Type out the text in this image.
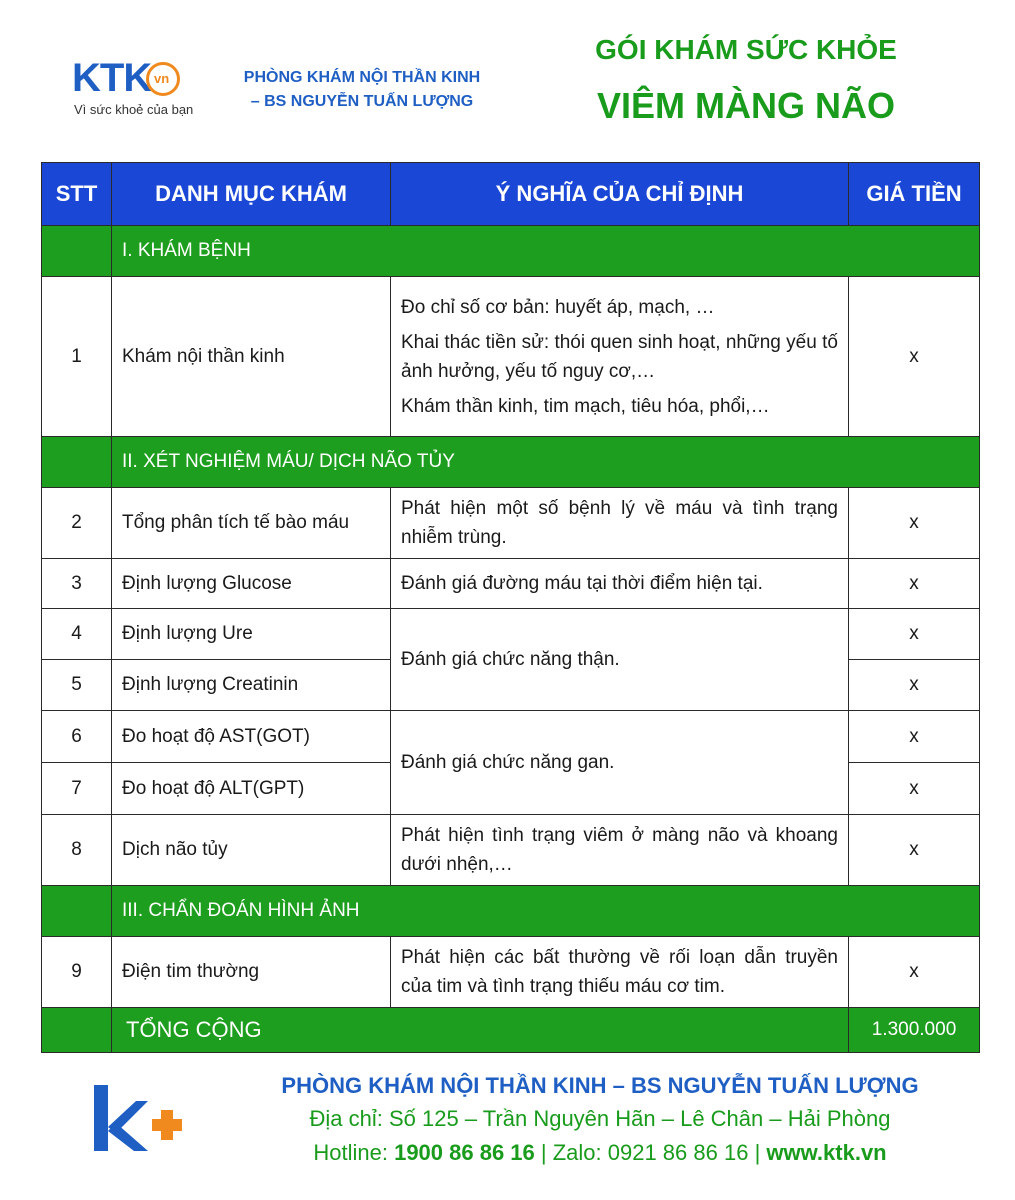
KTK vn
Vì sức khoẻ của bạn
PHÒNG KHÁM NỘI THẦN KINH
– BS NGUYỄN TUẤN LƯỢNG
GÓI KHÁM SỨC KHỎE
VIÊM MÀNG NÃO
STT	DANH MỤC KHÁM	Ý NGHĨA CỦA CHỈ ĐỊNH	GIÁ TIỀN
	I. KHÁM BỆNH		
1	Khám nội thần kinh	Đo chỉ số cơ bản: huyết áp, mạch, …

Khai thác tiền sử: thói quen sinh hoạt, những yếu tố ảnh hưởng, yếu tố nguy cơ,…

Khám thần kinh, tim mạch, tiêu hóa, phổi,…	x
	II. XÉT NGHIỆM MÁU/ DỊCH NÃO TỦY		
2	Tổng phân tích tế bào máu	Phát hiện một số bệnh lý về máu và tình trạng nhiễm trùng.	x
3	Định lượng Glucose	Đánh giá đường máu tại thời điểm hiện tại.	x
4	Định lượng Ure	Đánh giá chức năng thận.	x
5	Định lượng Creatinin		x
6	Đo hoạt độ AST(GOT)	Đánh giá chức năng gan.	x
7	Đo hoạt độ ALT(GPT)		x
8	Dịch não tủy	Phát hiện tình trạng viêm ở màng não và khoang dưới nhện,…	x
	III. CHẨN ĐOÁN HÌNH ẢNH		
9	Điện tim thường	Phát hiện các bất thường về rối loạn dẫn truyền của tim và tình trạng thiếu máu cơ tim.	x
	TỔNG CỘNG		1.300.000
PHÒNG KHÁM NỘI THẦN KINH – BS NGUYỄN TUẤN LƯỢNG
Địa chỉ: Số 125 – Trần Nguyên Hãn – Lê Chân – Hải Phòng
Hotline: 1900 86 86 16 | Zalo: 0921 86 86 16 | www.ktk.vn
